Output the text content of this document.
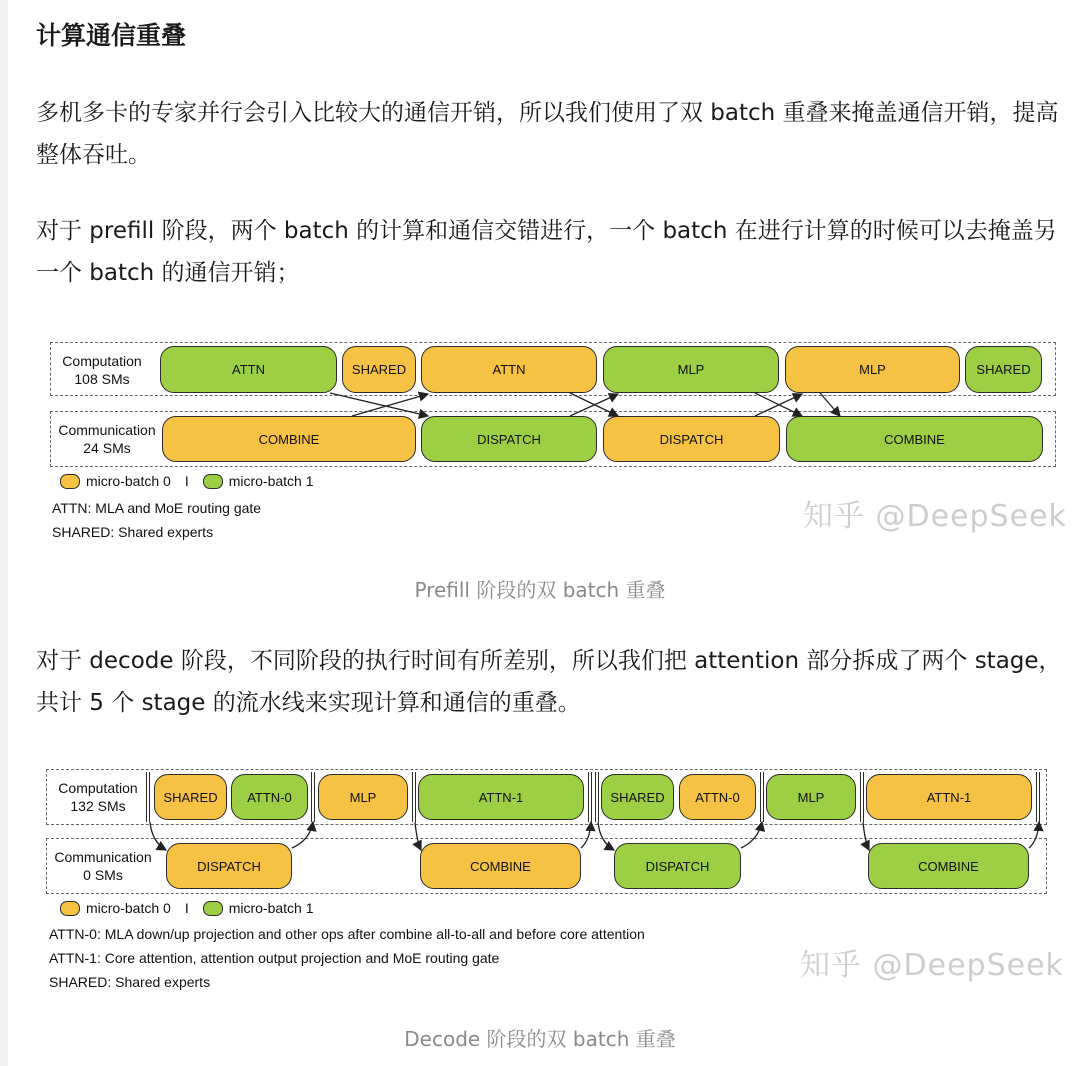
计算通信重叠

多机多卡的专家并行会引入比较大的通信开销，所以我们使用了双 batch 重叠来掩盖通信开销，提高整体吞吐。

对于 prefill 阶段，两个 batch 的计算和通信交错进行，一个 batch 在进行计算的时候可以去掩盖另一个 batch 的通信开销；

Computation
108 SMs
Communication
24 SMs
ATTN	SHARED	ATTN	MLP	MLP	SHARED
COMBINE	DISPATCH	DISPATCH	COMBINE
micro-batch 0 I	micro-batch 1
ATTN: MLA and MoE routing gate
SHARED: Shared experts	知乎 @DeepSeek
Prefill 阶段的双 batch 重叠

对于 decode 阶段，不同阶段的执行时间有所差别，所以我们把 attention 部分拆成了两个 stage，共计 5 个 stage 的流水线来实现计算和通信的重叠。

Computation
132 SMs
Communication
0 SMs
SHARED	ATTN-0	MLP	ATTN-1	SHARED	ATTN-0	MLP	ATTN-1
DISPATCH	COMBINE	DISPATCH	COMBINE
micro-batch 0 I	micro-batch 1
ATTN-0: MLA down/up projection and other ops after combine all-to-all and before core attention
ATTN-1: Core attention, attention output projection and MoE routing gate
SHARED: Shared experts	知乎 @DeepSeek
Decode 阶段的双 batch 重叠
